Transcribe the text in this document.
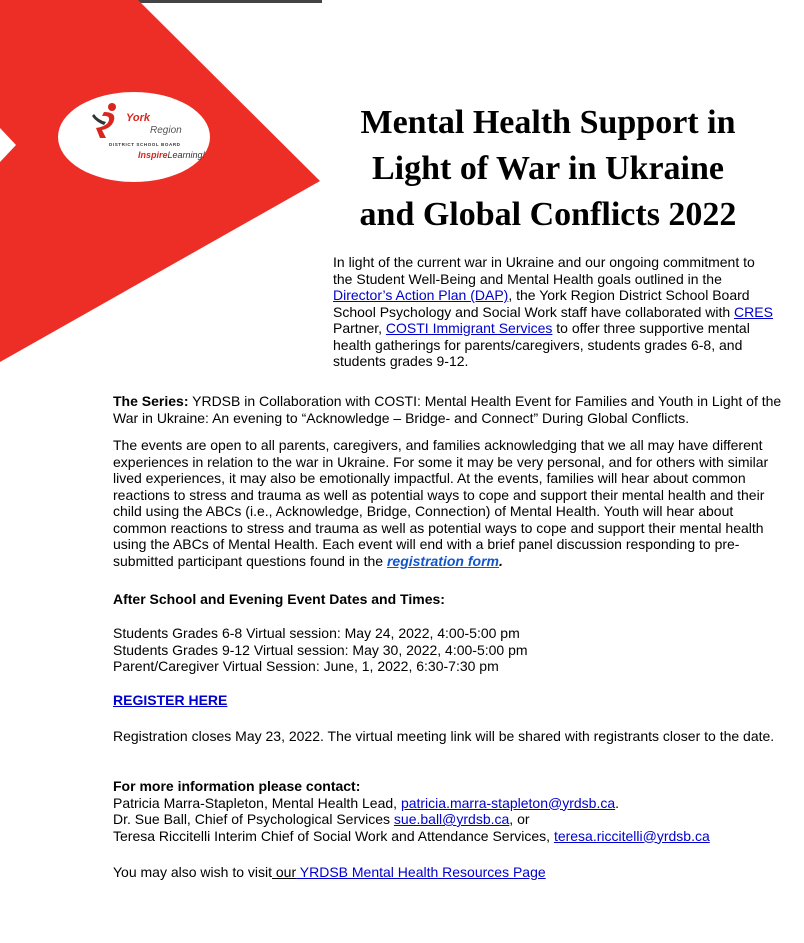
York
Region
DISTRICT SCHOOL BOARD
InspireLearning!
Mental Health Support in
Light of War in Ukraine
and Global Conflicts 2022

In light of the current war in Ukraine and our ongoing commitment to the Student Well-Being and Mental Health goals outlined in the Director’s Action Plan (DAP), the York Region District School Board School Psychology and Social Work staff have collaborated with CRES Partner, COSTI Immigrant Services to offer three supportive mental health gatherings for parents/caregivers, students grades 6-8, and students grades 9-12.

The Series: YRDSB in Collaboration with COSTI: Mental Health Event for Families and Youth in Light of the War in Ukraine: An evening to “Acknowledge – Bridge- and Connect” During Global Conflicts.

The events are open to all parents, caregivers, and families acknowledging that we all may have different experiences in relation to the war in Ukraine. For some it may be very personal, and for others with similar lived experiences, it may also be emotionally impactful. At the events, families will hear about common reactions to stress and trauma as well as potential ways to cope and support their mental health and their child using the ABCs (i.e., Acknowledge, Bridge, Connection) of Mental Health. Youth will hear about common reactions to stress and trauma as well as potential ways to cope and support their mental health using the ABCs of Mental Health. Each event will end with a brief panel discussion responding to pre-submitted participant questions found in the registration form.

After School and Evening Event Dates and Times:

Students Grades 6-8 Virtual session: May 24, 2022, 4:00-5:00 pm
Students Grades 9-12 Virtual session: May 30, 2022, 4:00-5:00 pm
Parent/Caregiver Virtual Session: June, 1, 2022, 6:30-7:30 pm

REGISTER HERE

Registration closes May 23, 2022. The virtual meeting link will be shared with registrants closer to the date.

For more information please contact:
Patricia Marra-Stapleton, Mental Health Lead, patricia.marra-stapleton@yrdsb.ca.
Dr. Sue Ball, Chief of Psychological Services sue.ball@yrdsb.ca, or
Teresa Riccitelli Interim Chief of Social Work and Attendance Services, teresa.riccitelli@yrdsb.ca

You may also wish to visit our YRDSB Mental Health Resources Page
